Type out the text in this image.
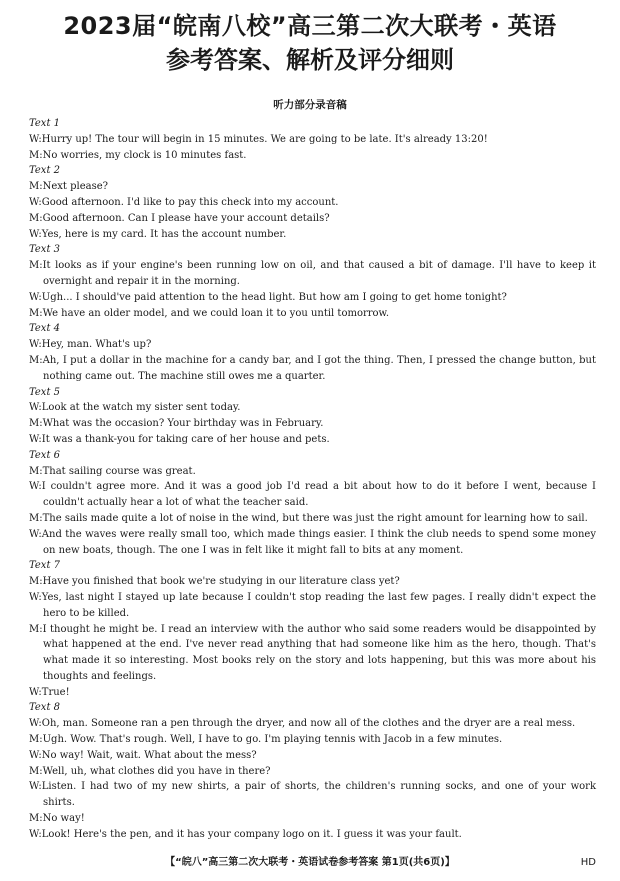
2023届“皖南八校”高三第二次大联考・英语
参考答案、解析及评分细则
听力部分录音稿
Text 1
W:Hurry up! The tour will begin in 15 minutes. We are going to be late. It's already 13:20!
M:No worries, my clock is 10 minutes fast.
Text 2
M:Next please?
W:Good afternoon. I'd like to pay this check into my account.
M:Good afternoon. Can I please have your account details?
W:Yes, here is my card. It has the account number.
Text 3
M:It looks as if your engine's been running low on oil, and that caused a bit of damage. I'll have to keep it overnight and repair it in the morning.
W:Ugh... I should've paid attention to the head light. But how am I going to get home tonight?
M:We have an older model, and we could loan it to you until tomorrow.
Text 4
W:Hey, man. What's up?
M:Ah, I put a dollar in the machine for a candy bar, and I got the thing. Then, I pressed the change button, but nothing came out. The machine still owes me a quarter.
Text 5
W:Look at the watch my sister sent today.
M:What was the occasion? Your birthday was in February.
W:It was a thank-you for taking care of her house and pets.
Text 6
M:That sailing course was great.
W:I couldn't agree more. And it was a good job I'd read a bit about how to do it before I went, because I couldn't actually hear a lot of what the teacher said.
M:The sails made quite a lot of noise in the wind, but there was just the right amount for learning how to sail.
W:And the waves were really small too, which made things easier. I think the club needs to spend some money on new boats, though. The one I was in felt like it might fall to bits at any moment.
Text 7
M:Have you finished that book we're studying in our literature class yet?
W:Yes, last night I stayed up late because I couldn't stop reading the last few pages. I really didn't expect the hero to be killed.
M:I thought he might be. I read an interview with the author who said some readers would be disappointed by what happened at the end. I've never read anything that had someone like him as the hero, though. That's what made it so interesting. Most books rely on the story and lots happening, but this was more about his thoughts and feelings.
W:True!
Text 8
W:Oh, man. Someone ran a pen through the dryer, and now all of the clothes and the dryer are a real mess.
M:Ugh. Wow. That's rough. Well, I have to go. I'm playing tennis with Jacob in a few minutes.
W:No way! Wait, wait. What about the mess?
M:Well, uh, what clothes did you have in there?
W:Listen. I had two of my new shirts, a pair of shorts, the children's running socks, and one of your work shirts.
M:No way!
W:Look! Here's the pen, and it has your company logo on it. I guess it was your fault.
【“皖八”高三第二次大联考・英语试卷参考答案 第1页(共6页)】	HD
